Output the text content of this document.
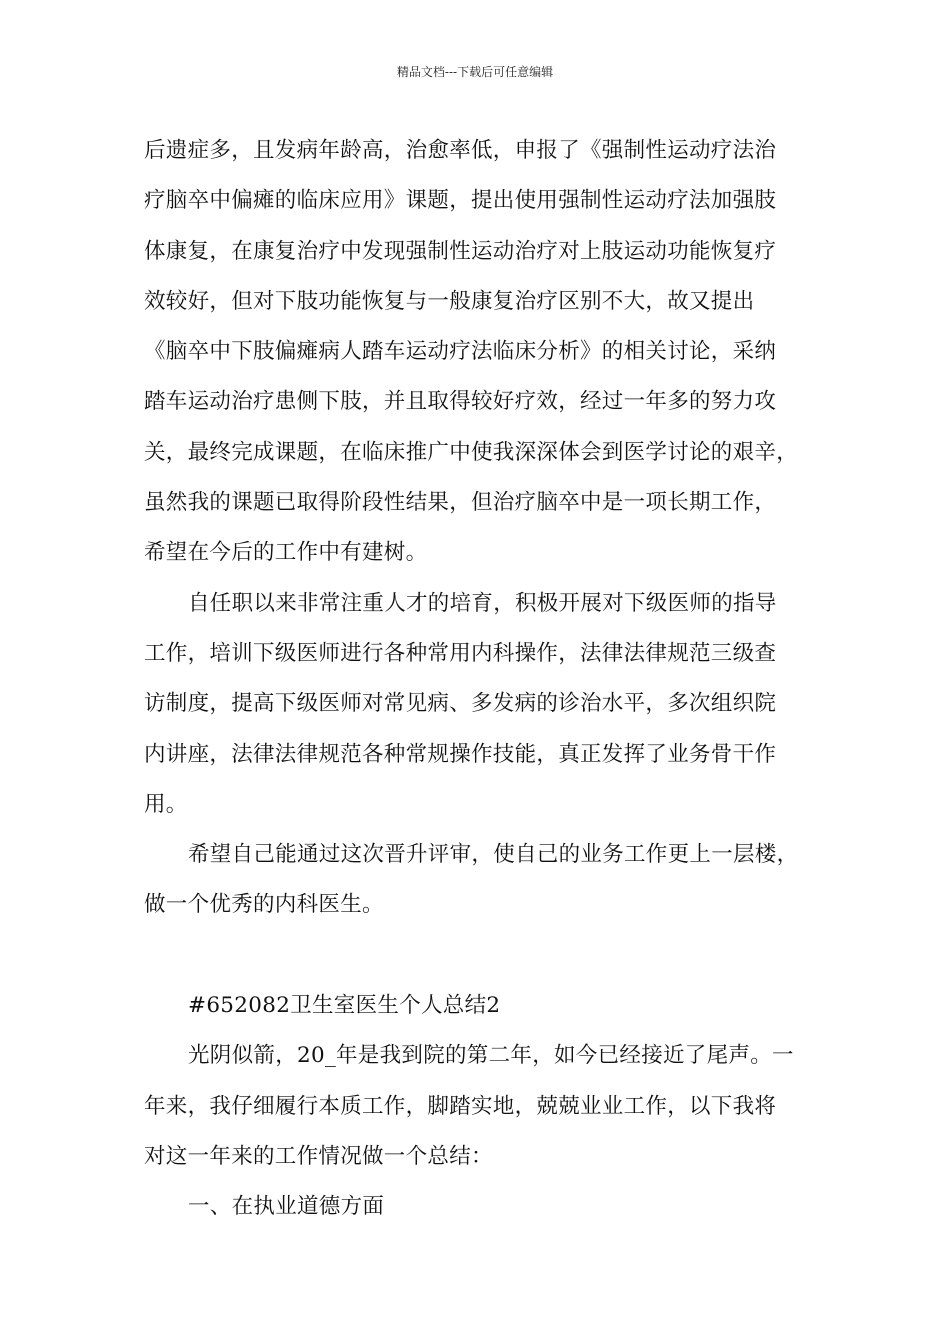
精品文档---下载后可任意编辑
后遗症多，且发病年龄高，治愈率低，申报了《强制性运动疗法治
疗脑卒中偏瘫的临床应用》课题，提出使用强制性运动疗法加强肢
体康复，在康复治疗中发现强制性运动治疗对上肢运动功能恢复疗
效较好，但对下肢功能恢复与一般康复治疗区别不大，故又提出
《脑卒中下肢偏瘫病人踏车运动疗法临床分析》的相关讨论，采纳
踏车运动治疗患侧下肢，并且取得较好疗效，经过一年多的努力攻
关，最终完成课题，在临床推广中使我深深体会到医学讨论的艰辛，
虽然我的课题已取得阶段性结果，但治疗脑卒中是一项长期工作，
希望在今后的工作中有建树。
自任职以来非常注重人才的培育，积极开展对下级医师的指导
工作，培训下级医师进行各种常用内科操作，法律法律规范三级查
访制度，提高下级医师对常见病、多发病的诊治水平，多次组织院
内讲座，法律法律规范各种常规操作技能，真正发挥了业务骨干作
用。
希望自己能通过这次晋升评审，使自己的业务工作更上一层楼，
做一个优秀的内科医生。
#652082卫生室医生个人总结2
光阴似箭，20_年是我到院的第二年，如今已经接近了尾声。一
年来，我仔细履行本质工作，脚踏实地，兢兢业业工作，以下我将
对这一年来的工作情况做一个总结：
一、在执业道德方面
